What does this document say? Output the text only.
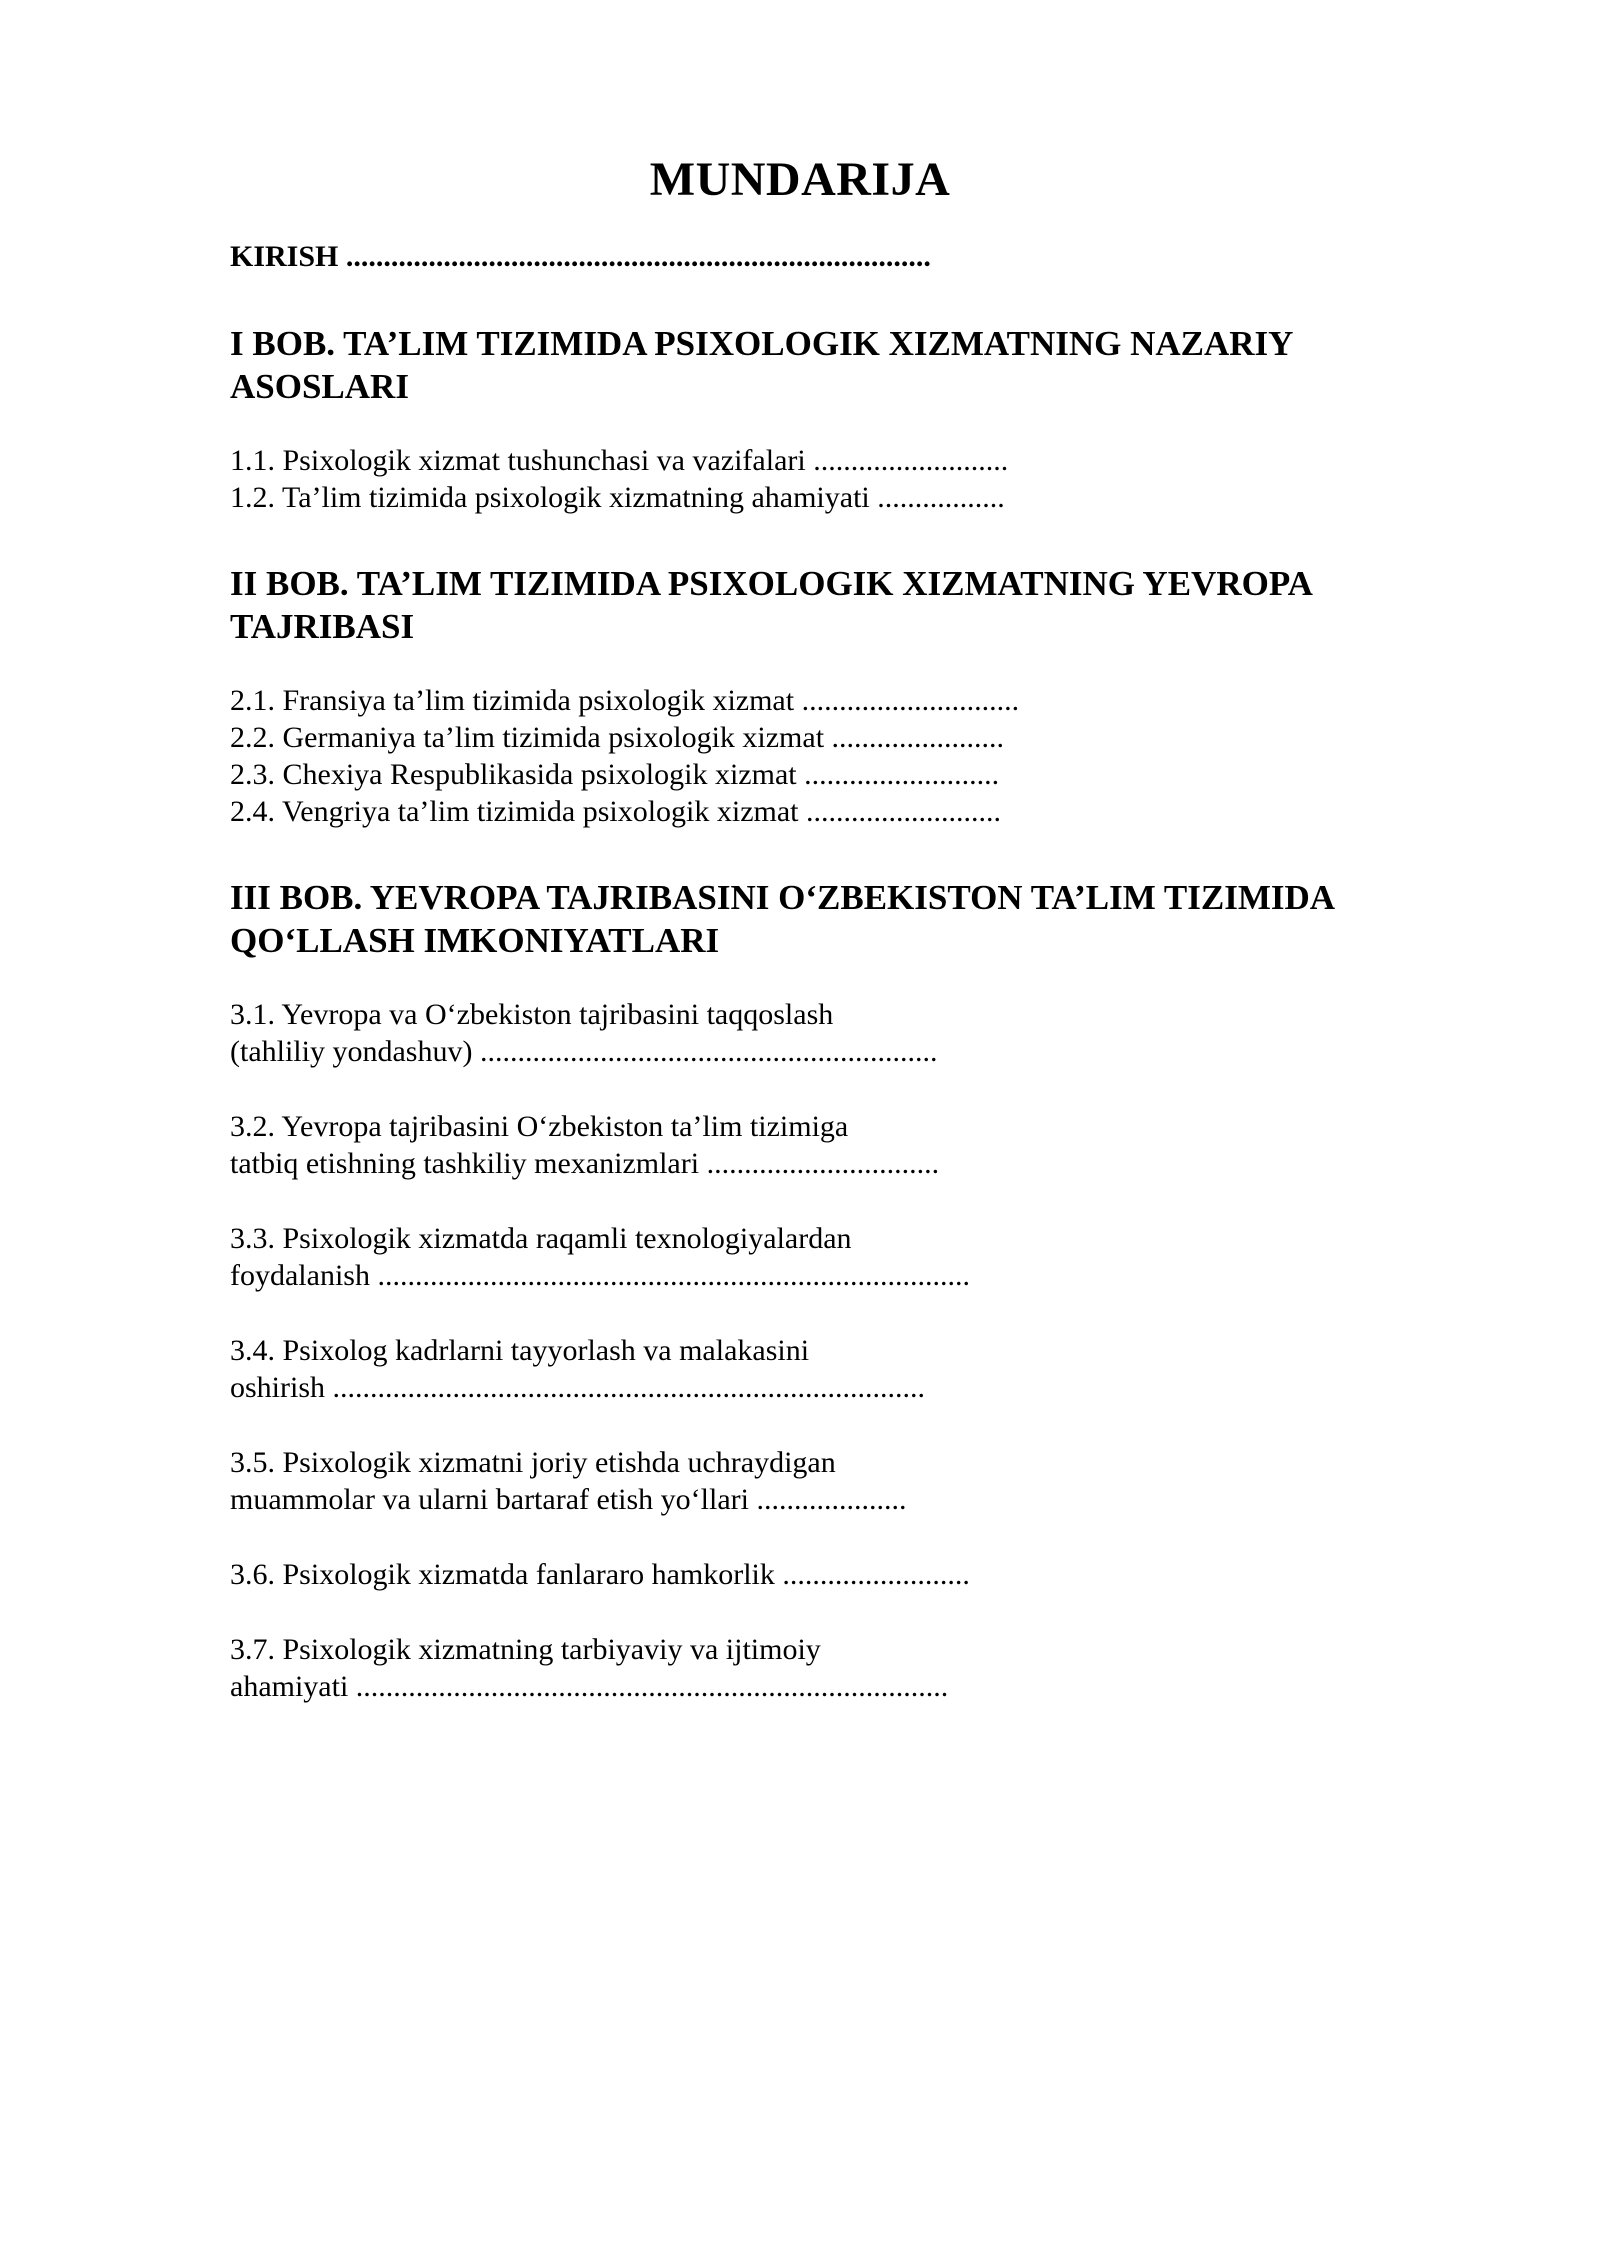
MUNDARIJA
KIRISH ..............................................................................
I BOB. TA’LIM TIZIMIDA PSIXOLOGIK XIZMATNING NAZARIY ASOSLARI
1.1. Psixologik xizmat tushunchasi va vazifalari ..........................
1.2. Ta’lim tizimida psixologik xizmatning ahamiyati .................
II BOB. TA’LIM TIZIMIDA PSIXOLOGIK XIZMATNING YEVROPA TAJRIBASI
2.1. Fransiya ta’lim tizimida psixologik xizmat .............................
2.2. Germaniya ta’lim tizimida psixologik xizmat .......................
2.3. Chexiya Respublikasida psixologik xizmat ..........................
2.4. Vengriya ta’lim tizimida psixologik xizmat ..........................
III BOB. YEVROPA TAJRIBASINI O‘ZBEKISTON TA’LIM TIZIMIDA QO‘LLASH IMKONIYATLARI
3.1. Yevropa va O‘zbekiston tajribasini taqqoslash
(tahliliy yondashuv) .............................................................
3.2. Yevropa tajribasini O‘zbekiston ta’lim tizimiga
tatbiq etishning tashkiliy mexanizmlari ...............................
3.3. Psixologik xizmatda raqamli texnologiyalardan
foydalanish ...............................................................................
3.4. Psixolog kadrlarni tayyorlash va malakasini
oshirish ...............................................................................
3.5. Psixologik xizmatni joriy etishda uchraydigan
muammolar va ularni bartaraf etish yo‘llari ....................
3.6. Psixologik xizmatda fanlararo hamkorlik .........................
3.7. Psixologik xizmatning tarbiyaviy va ijtimoiy
ahamiyati ...............................................................................
